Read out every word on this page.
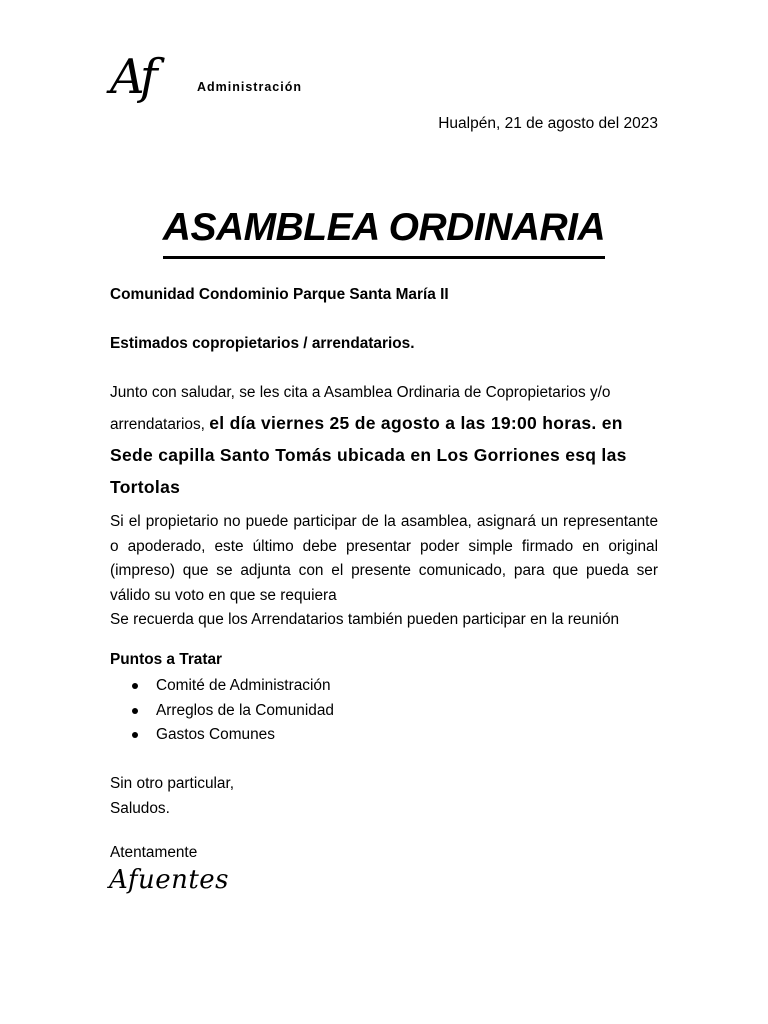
Af	Administración
Hualpén, 21 de agosto del 2023
ASAMBLEA ORDINARIA
Comunidad Condominio Parque Santa María II
Estimados copropietarios / arrendatarios.
Junto con saludar, se les cita a Asamblea Ordinaria de Copropietarios y/o arrendatarios, el día viernes 25 de agosto a las 19:00 horas. en Sede capilla Santo Tomás ubicada en Los Gorriones esq las Tortolas
Si el propietario no puede participar de la asamblea, asignará un representante o apoderado, este último debe presentar poder simple firmado en original (impreso) que se adjunta con el presente comunicado, para que pueda ser válido su voto en que se requiera
Se recuerda que los Arrendatarios también pueden participar en la reunión
Puntos a Tratar
Comité de Administración
Arreglos de la Comunidad
Gastos Comunes
Sin otro particular,
Saludos.
Atentamente
Afuentes
